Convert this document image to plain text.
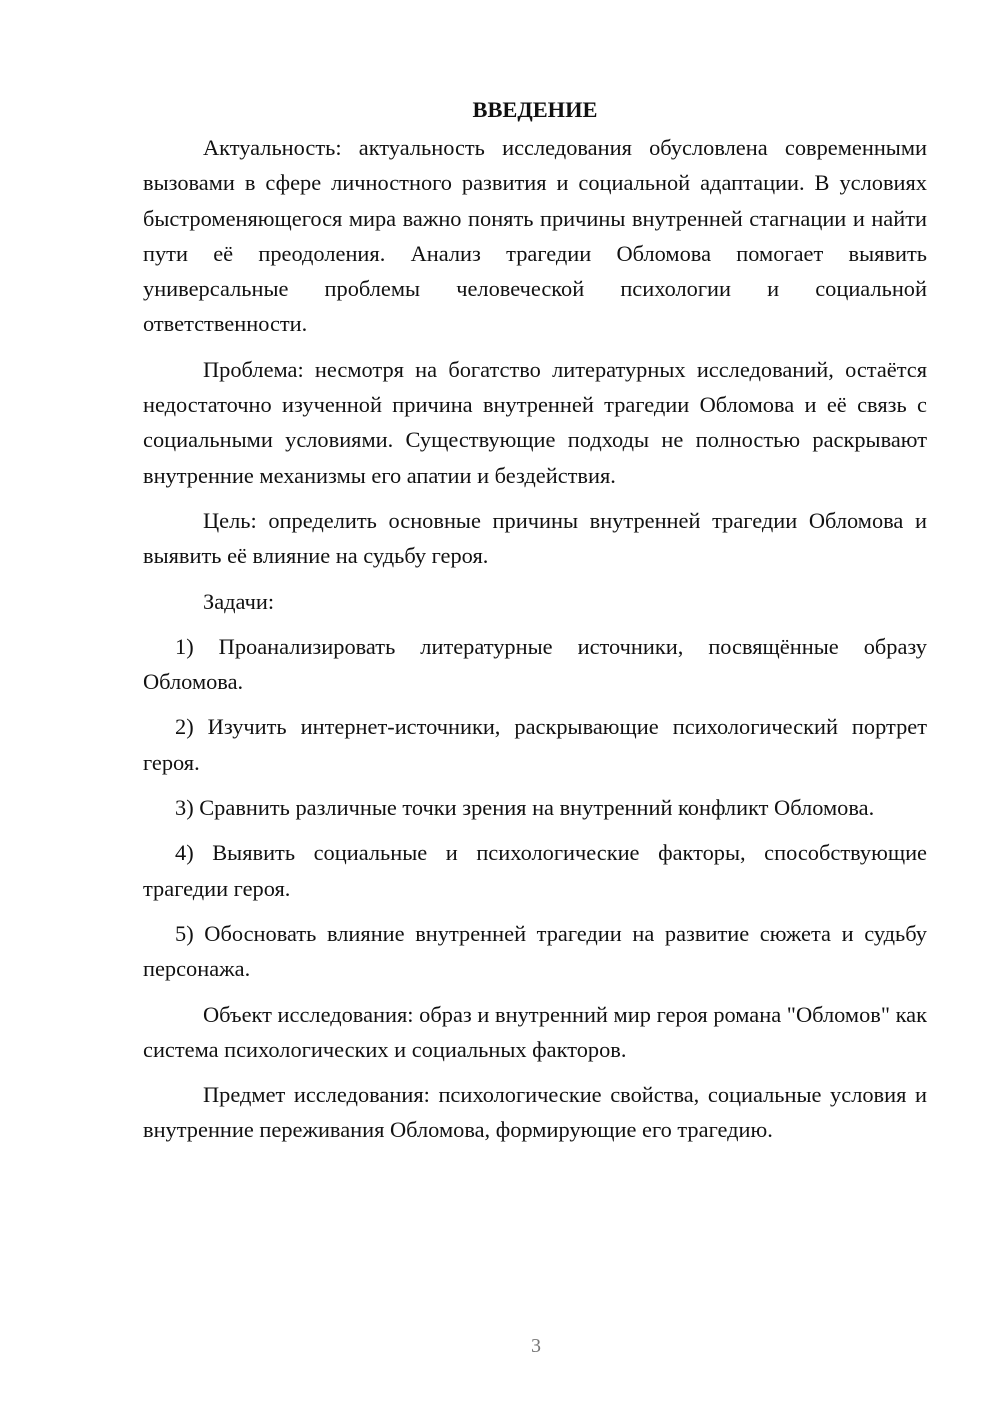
ВВЕДЕНИЕ

Актуальность: актуальность исследования обусловлена современными вызовами в сфере личностного развития и социальной адаптации. В условиях быстроменяющегося мира важно понять причины внутренней стагнации и найти пути её преодоления. Анализ трагедии Обломова помогает выявить универсальные проблемы человеческой психологии и социальной ответственности.

Проблема: несмотря на богатство литературных исследований, остаётся недостаточно изученной причина внутренней трагедии Обломова и её связь с социальными условиями. Существующие подходы не полностью раскрывают внутренние механизмы его апатии и бездействия.

Цель: определить основные причины внутренней трагедии Обломова и выявить её влияние на судьбу героя.

Задачи:

1) Проанализировать литературные источники, посвящённые образу Обломова.

2) Изучить интернет-источники, раскрывающие психологический портрет героя.

3) Сравнить различные точки зрения на внутренний конфликт Обломова.

4) Выявить социальные и психологические факторы, способствующие трагедии героя.

5) Обосновать влияние внутренней трагедии на развитие сюжета и судьбу персонажа.

Объект исследования: образ и внутренний мир героя романа "Обломов" как система психологических и социальных факторов.

Предмет исследования: психологические свойства, социальные условия и внутренние переживания Обломова, формирующие его трагедию.

3
